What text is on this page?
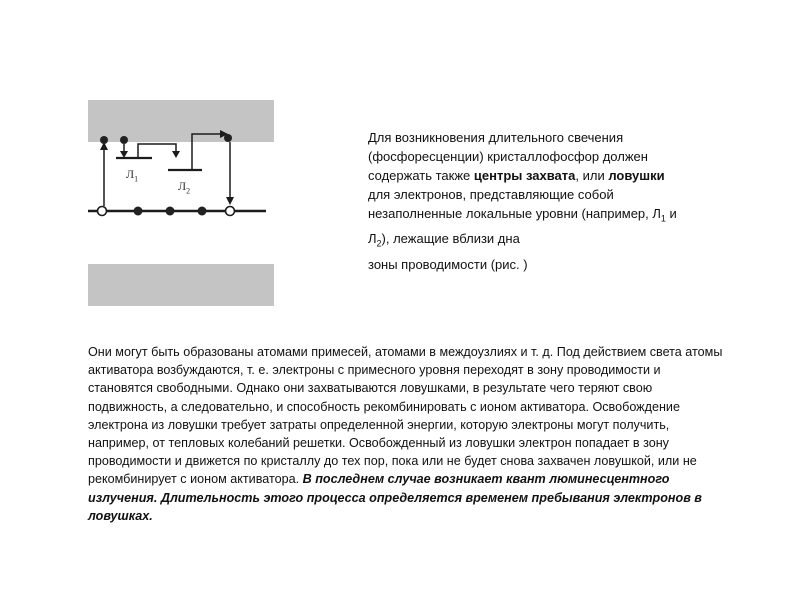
$Л_1$
$Л_2$

Для возникновения длительного свечения (фосфоресценции) кристаллофосфор должен содержать также центры захвата, или ловушки для электронов, представляющие собой незаполненные локальные уровни (например, $Л_1$ и $Л_2$), лежащие вблизи дна

зоны проводимости (рис. )
Они могут быть образованы атомами примесей, атомами в междоузлиях и т. д. Под действием света атомы активатора возбуждаются, т. е. электроны с примесного уровня переходят в зону проводимости и становятся свободными. Однако они захватываются ловушками, в результате чего теряют свою подвижность, а следовательно, и способность рекомбинировать с ионом активатора. Освобождение электрона из ловушки требует затраты определенной энергии, которую электроны могут получить, например, от тепловых колебаний решетки. Освобожденный из ловушки электрон попадает в зону проводимости и движется по кристаллу до тех пор, пока или не будет снова захвачен ловушкой, или не рекомбинирует с ионом активатора. В последнем случае возникает квант люминесцентного излучения. Длительность этого процесса определяется временем пребывания электронов в ловушках.
